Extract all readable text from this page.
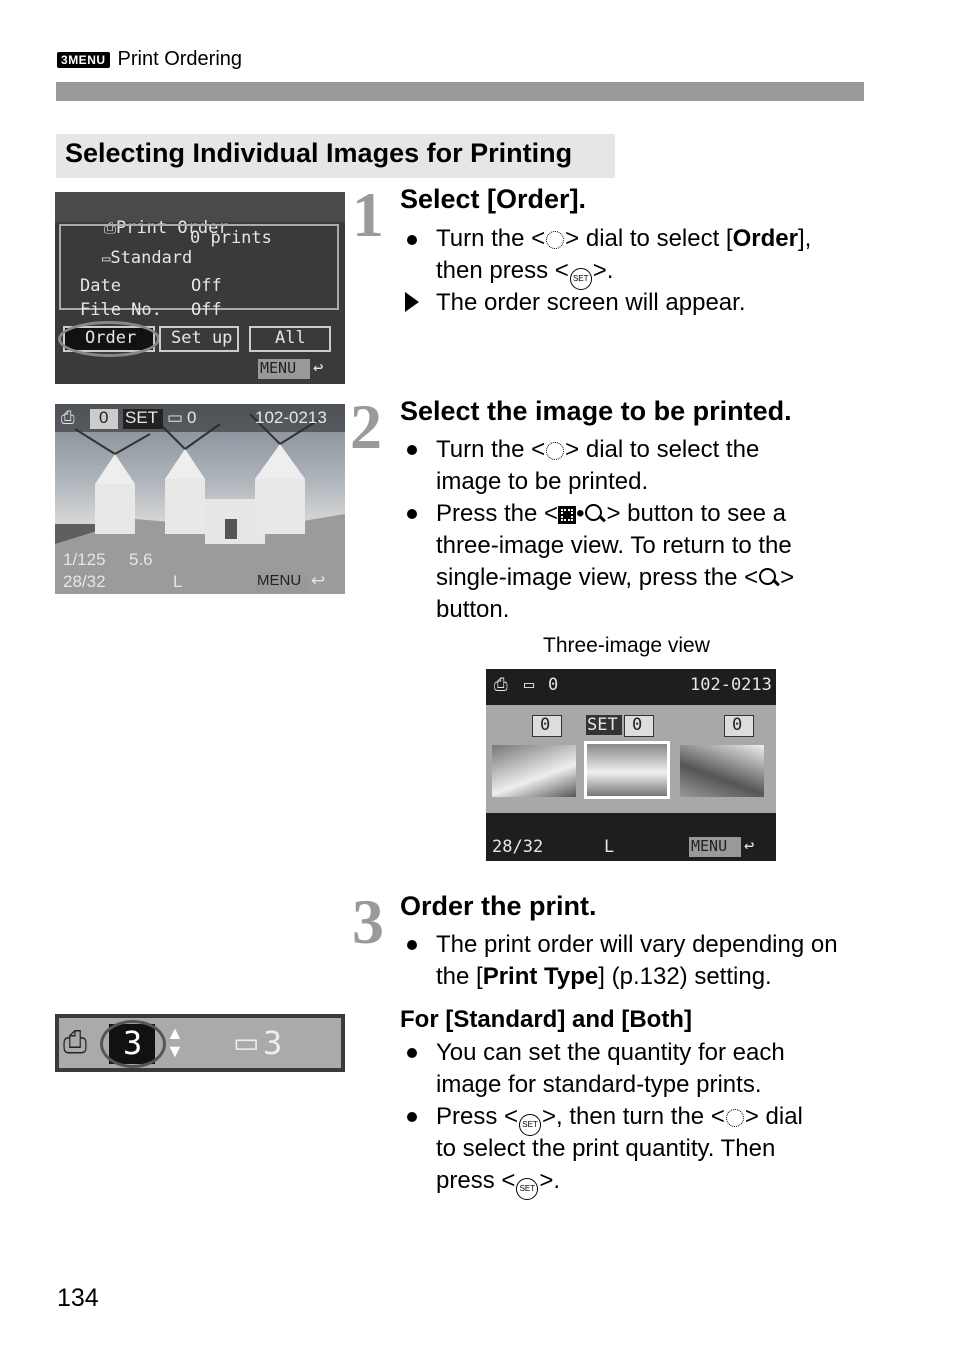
3 MENU Print Ordering
Selecting Individual Images for Printing

⎙Print Order

▭Standard

0 prints
Date	Off
File No. Off
Order Set up	All
MENU ↩
1 Select [Order].
Turn the < > dial to select [Order],
then press < SET >.
The order screen will appear.
⎙ 0 SET ▭ 0	102-0213
1/125 5.6
28/32	L	MENU ↩
2 Select the image to be printed.
Turn the < > dial to select the
image to be printed.
Press the < • > button to see a
three-image view. To return to the
single-image view, press the < >
button.
Three-image view
⎙ ▭ 0	102-0213
0 SET 0	0
28/32	L	MENU ↩
3 Order the print.
The print order will vary depending on
the [Print Type] (p.132) setting.
For [Standard] and [Both]
You can set the quantity for each
image for standard-type prints.
Press < SET >, then turn the < > dial
to select the print quantity. Then
press < SET >.
⎙ 3 ▲
▼ ▭ 3
134
